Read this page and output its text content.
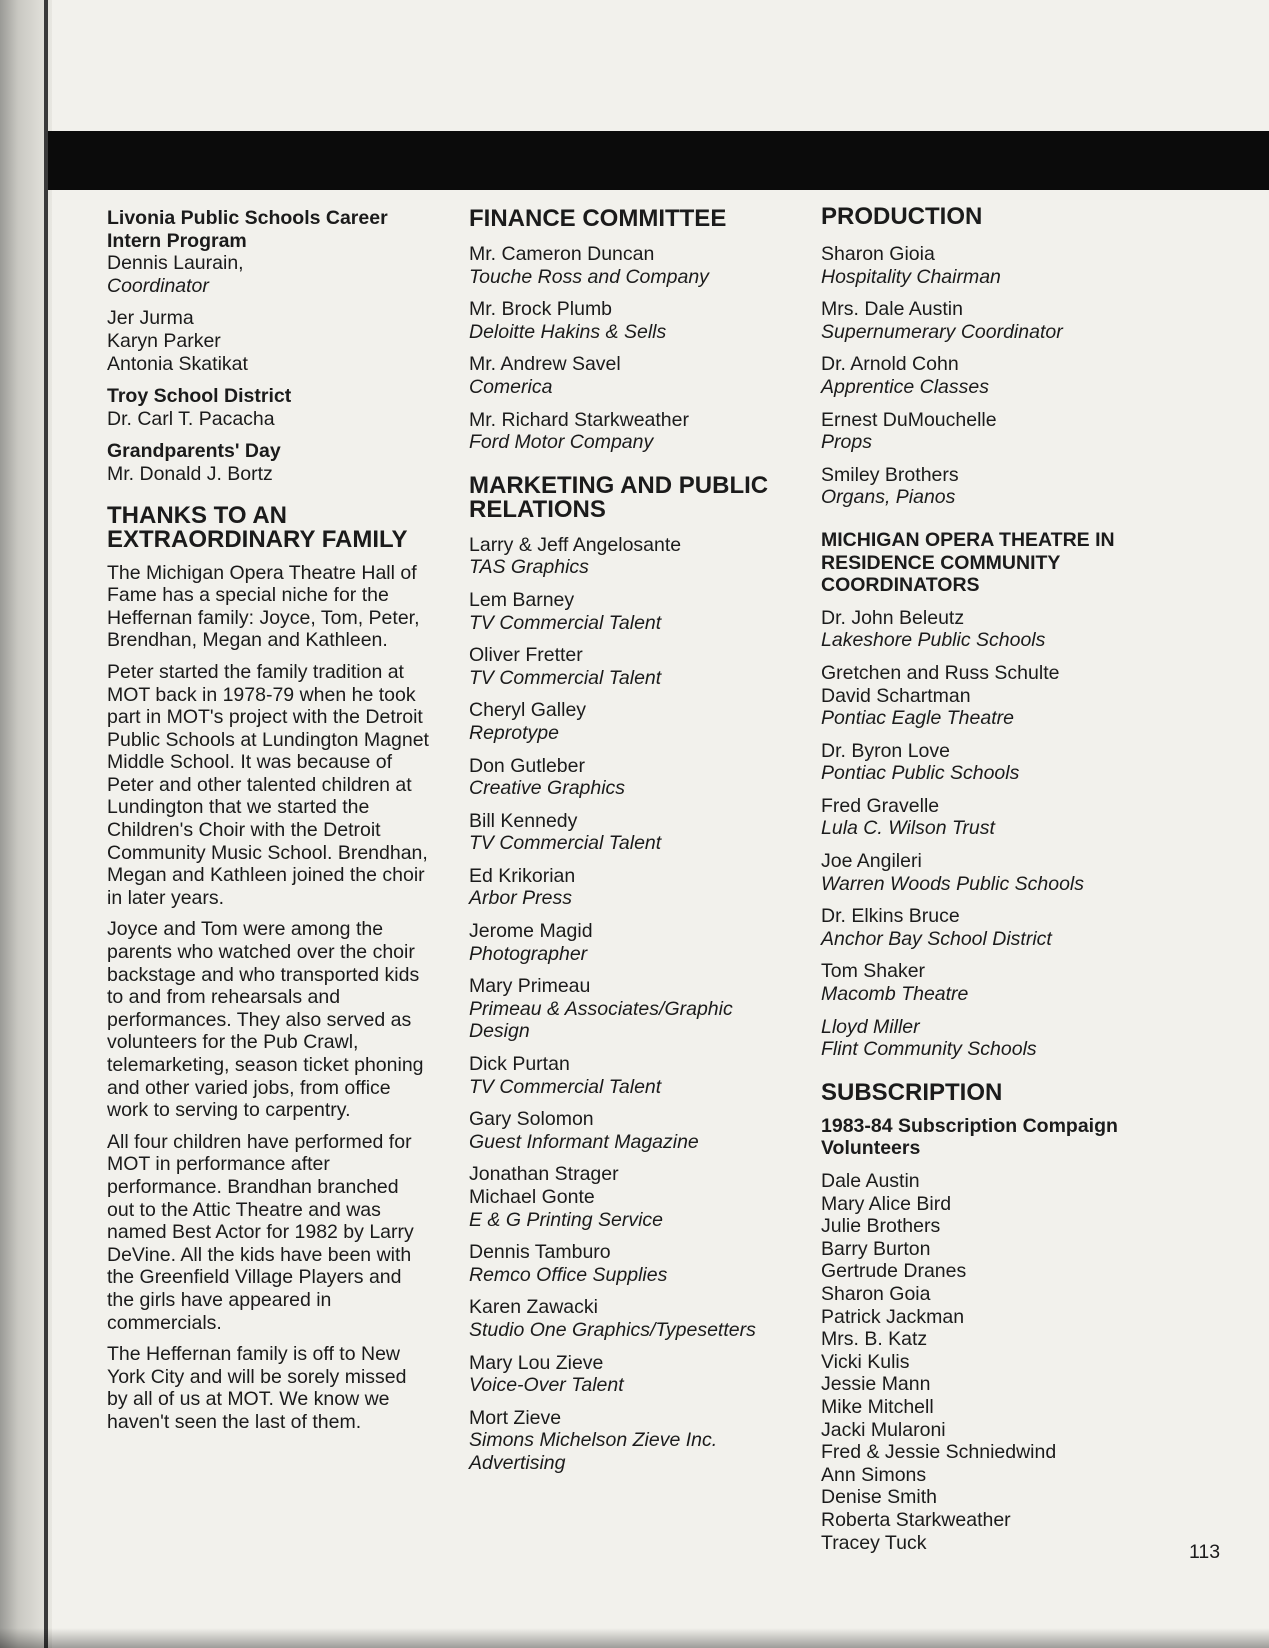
Livonia Public Schools Career
Intern Program
Dennis Laurain,
Coordinator
Jer Jurma
Karyn Parker
Antonia Skatikat
Troy School District
Dr. Carl T. Pacacha
Grandparents' Day
Mr. Donald J. Bortz
THANKS TO AN
EXTRAORDINARY FAMILY

The Michigan Opera Theatre Hall of Fame has a special niche for the Heffernan family: Joyce, Tom, Peter, Brendhan, Megan and Kathleen.

Peter started the family tradition at MOT back in 1978-79 when he took part in MOT's project with the Detroit Public Schools at Lundington Magnet Middle School. It was because of Peter and other talented children at Lundington that we started the Children's Choir with the Detroit Community Music School. Brendhan, Megan and Kathleen joined the choir in later years.

Joyce and Tom were among the parents who watched over the choir backstage and who transported kids to and from rehearsals and performances. They also served as volunteers for the Pub Crawl, telemarketing, season ticket phoning and other varied jobs, from office work to serving to carpentry.

All four children have performed for MOT in performance after performance. Brandhan branched out to the Attic Theatre and was named Best Actor for 1982 by Larry DeVine. All the kids have been with the Greenfield Village Players and the girls have appeared in commercials.

The Heffernan family is off to New York City and will be sorely missed by all of us at MOT. We know we haven't seen the last of them.

FINANCE COMMITTEE
Mr. Cameron Duncan
Touche Ross and Company
Mr. Brock Plumb
Deloitte Hakins & Sells
Mr. Andrew Savel
Comerica
Mr. Richard Starkweather
Ford Motor Company
MARKETING AND PUBLIC
RELATIONS
Larry & Jeff Angelosante
TAS Graphics
Lem Barney
TV Commercial Talent
Oliver Fretter
TV Commercial Talent
Cheryl Galley
Reprotype
Don Gutleber
Creative Graphics
Bill Kennedy
TV Commercial Talent
Ed Krikorian
Arbor Press
Jerome Magid
Photographer
Mary Primeau
Primeau & Associates/Graphic
Design
Dick Purtan
TV Commercial Talent
Gary Solomon
Guest Informant Magazine
Jonathan Strager
Michael Gonte
E & G Printing Service
Dennis Tamburo
Remco Office Supplies
Karen Zawacki
Studio One Graphics/Typesetters
Mary Lou Zieve
Voice-Over Talent
Mort Zieve
Simons Michelson Zieve Inc.
Advertising
PRODUCTION
Sharon Gioia
Hospitality Chairman
Mrs. Dale Austin
Supernumerary Coordinator
Dr. Arnold Cohn
Apprentice Classes
Ernest DuMouchelle
Props
Smiley Brothers
Organs, Pianos
MICHIGAN OPERA THEATRE IN
RESIDENCE COMMUNITY
COORDINATORS
Dr. John Beleutz
Lakeshore Public Schools
Gretchen and Russ Schulte
David Schartman
Pontiac Eagle Theatre
Dr. Byron Love
Pontiac Public Schools
Fred Gravelle
Lula C. Wilson Trust
Joe Angileri
Warren Woods Public Schools
Dr. Elkins Bruce
Anchor Bay School District
Tom Shaker
Macomb Theatre
Lloyd Miller
Flint Community Schools
SUBSCRIPTION
1983-84 Subscription Compaign
Volunteers
Dale Austin
Mary Alice Bird
Julie Brothers
Barry Burton
Gertrude Dranes
Sharon Goia
Patrick Jackman
Mrs. B. Katz
Vicki Kulis
Jessie Mann
Mike Mitchell
Jacki Mularoni
Fred & Jessie Schniedwind
Ann Simons
Denise Smith
Roberta Starkweather
Tracey Tuck	113
